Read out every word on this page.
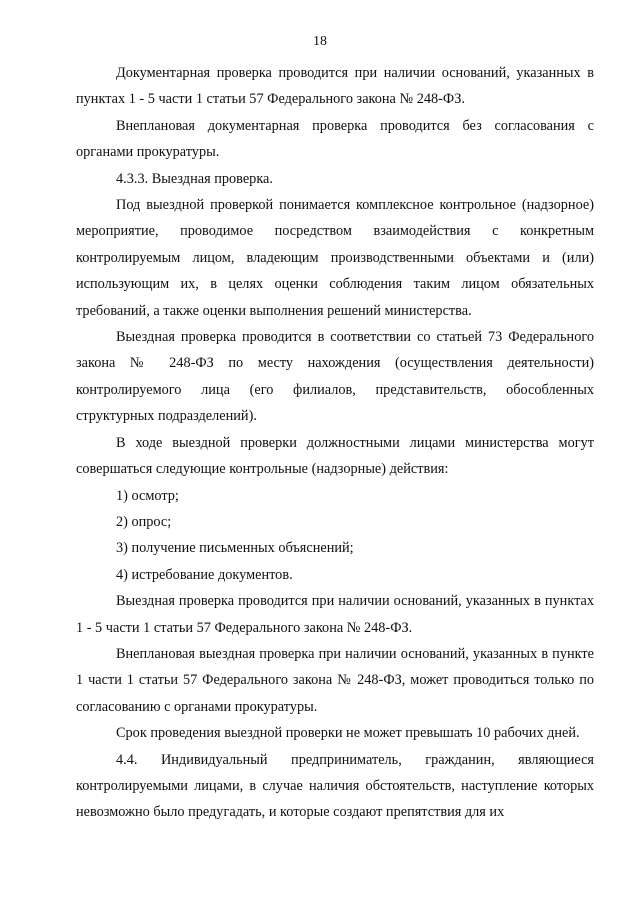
18

Документарная проверка проводится при наличии оснований, указанных в пунктах 1 - 5 части 1 статьи 57 Федерального закона № 248-ФЗ.

Внеплановая документарная проверка проводится без согласования с органами прокуратуры.

4.3.3. Выездная проверка.

Под выездной проверкой понимается комплексное контрольное (надзорное) мероприятие, проводимое посредством взаимодействия с конкретным контролируемым лицом, владеющим производственными объектами и (или) использующим их, в целях оценки соблюдения таким лицом обязательных требований, а также оценки выполнения решений министерства.

Выездная проверка проводится в соответствии со статьей 73 Федерального закона № 248-ФЗ по месту нахождения (осуществления деятельности) контролируемого лица (его филиалов, представительств, обособленных структурных подразделений).

В ходе выездной проверки должностными лицами министерства могут совершаться следующие контрольные (надзорные) действия:

1) осмотр;

2) опрос;

3) получение письменных объяснений;

4) истребование документов.

Выездная проверка проводится при наличии оснований, указанных в пунктах 1 - 5 части 1 статьи 57 Федерального закона № 248-ФЗ.

Внеплановая выездная проверка при наличии оснований, указанных в пункте 1 части 1 статьи 57 Федерального закона № 248-ФЗ, может проводиться только по согласованию с органами прокуратуры.

Срок проведения выездной проверки не может превышать 10 рабочих дней.

4.4. Индивидуальный предприниматель, гражданин, являющиеся контролируемыми лицами, в случае наличия обстоятельств, наступление которых невозможно было предугадать, и которые создают препятствия для их
